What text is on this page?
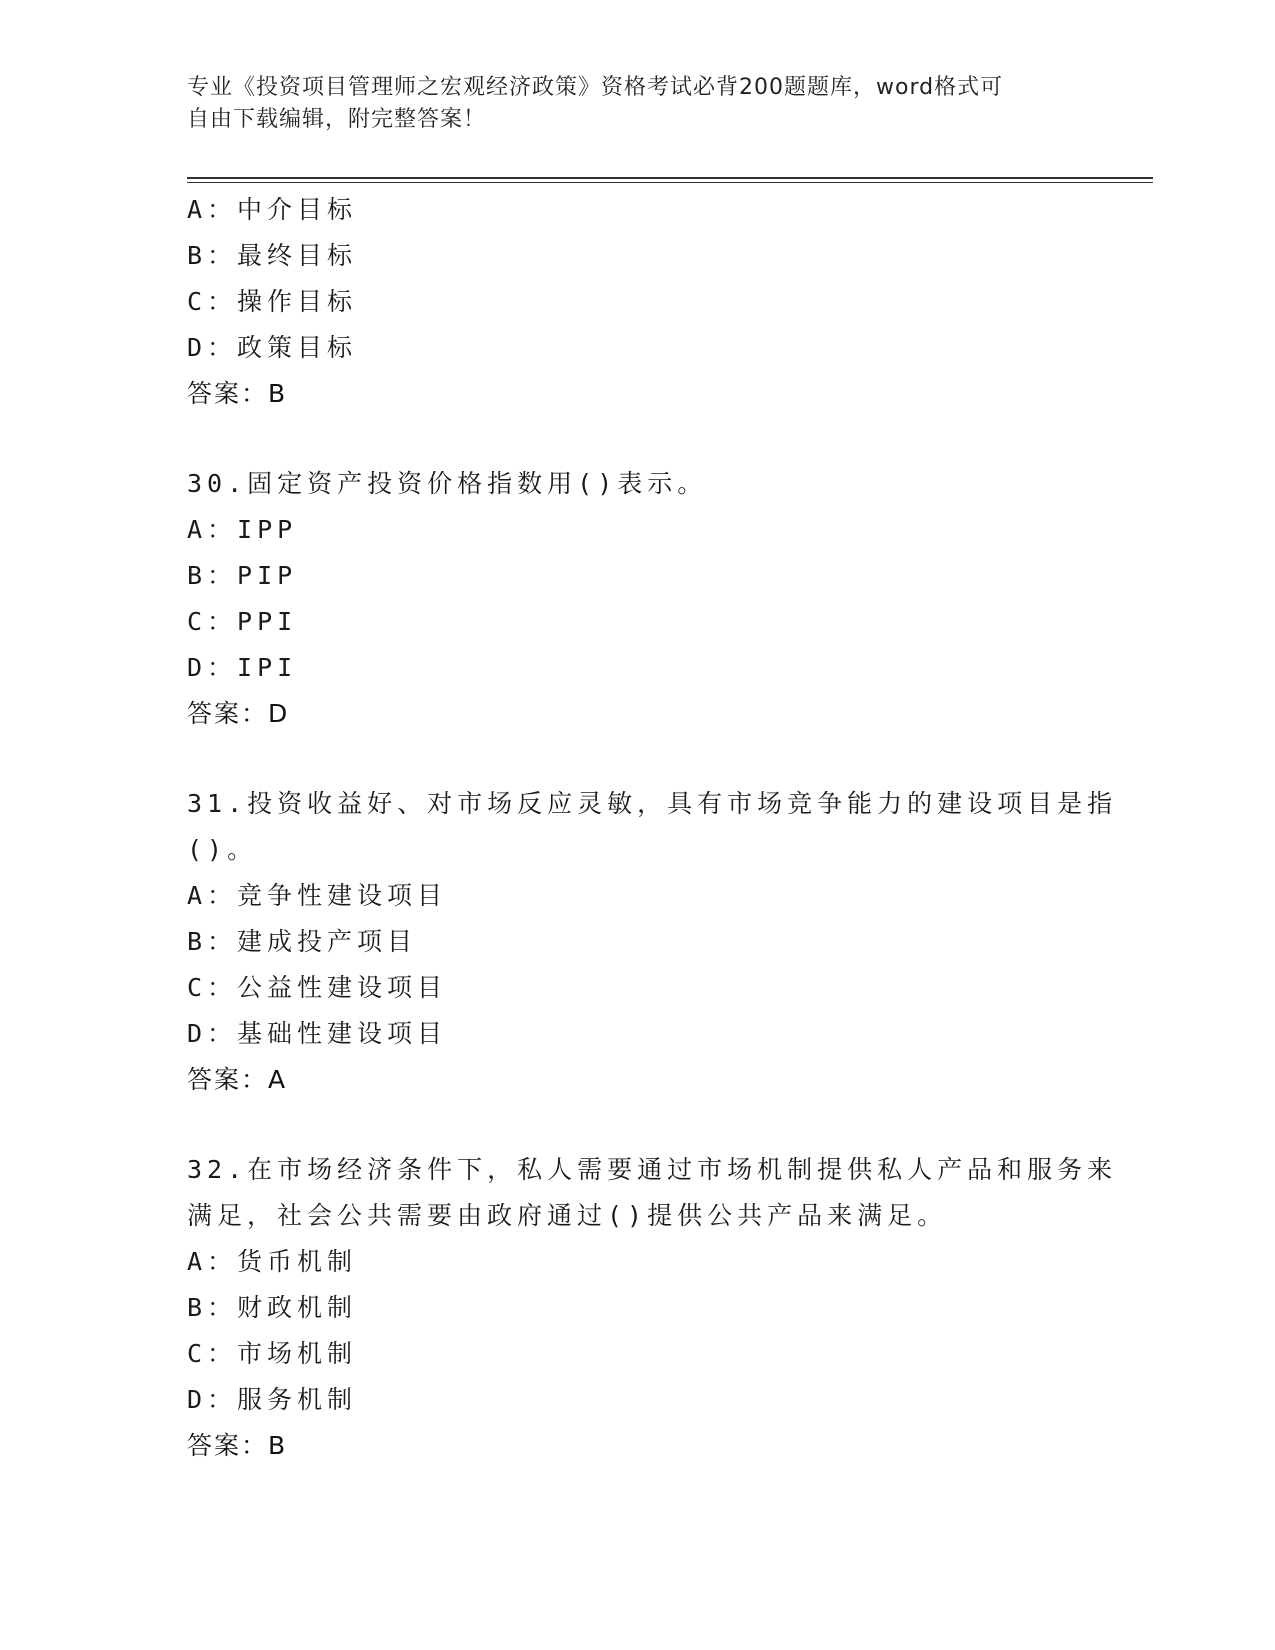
专业《投资项目管理师之宏观经济政策》资格考试必背200题题库，word格式可
自由下载编辑，附完整答案！
A：中介目标
B：最终目标
C：操作目标
D：政策目标
答案：B
30.固定资产投资价格指数用()表示。
A：IPP
B：PIP
C：PPI
D：IPI
答案：D
31.投资收益好、对市场反应灵敏，具有市场竞争能力的建设项目是指
()。
A：竞争性建设项目
B：建成投产项目
C：公益性建设项目
D：基础性建设项目
答案：A
32.在市场经济条件下，私人需要通过市场机制提供私人产品和服务来
满足，社会公共需要由政府通过()提供公共产品来满足。
A：货币机制
B：财政机制
C：市场机制
D：服务机制
答案：B
